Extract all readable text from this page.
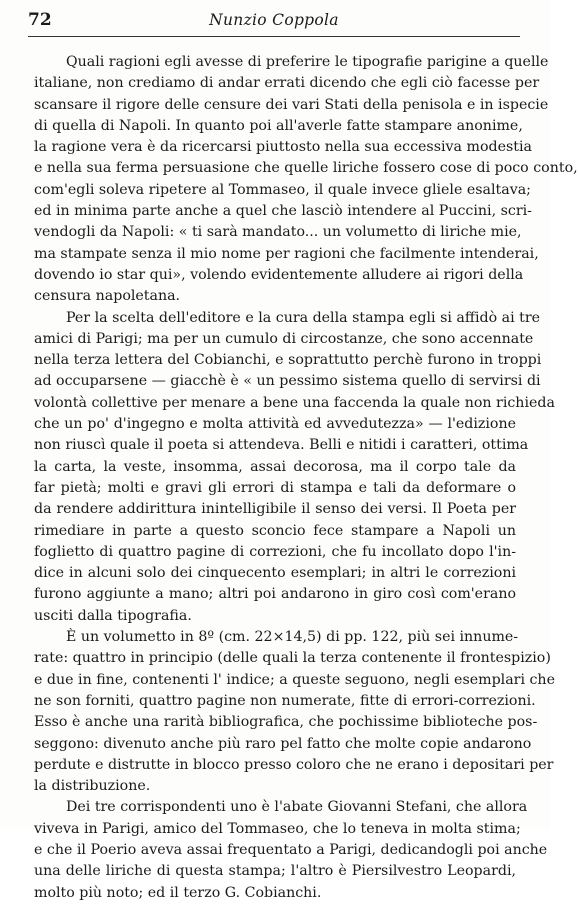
72	Nunzio Coppola
Quali ragioni egli avesse di preferire le tipografie parigine a quelle
italiane, non crediamo di andar errati dicendo che egli ciò facesse per
scansare il rigore delle censure dei vari Stati della penisola e in ispecie
di quella di Napoli. In quanto poi all'averle fatte stampare anonime,
la ragione vera è da ricercarsi piuttosto nella sua eccessiva modestia
e nella sua ferma persuasione che quelle liriche fossero cose di poco conto,
com'egli soleva ripetere al Tommaseo, il quale invece gliele esaltava;
ed in minima parte anche a quel che lasciò intendere al Puccini, scri-
vendogli da Napoli: « ti sarà mandato... un volumetto di liriche mie,
ma stampate senza il mio nome per ragioni che facilmente intenderai,
dovendo io star qui», volendo evidentemente alludere ai rigori della
censura napoletana.
Per la scelta dell'editore e la cura della stampa egli si affidò ai tre
amici di Parigi; ma per un cumulo di circostanze, che sono accennate
nella terza lettera del Cobianchi, e soprattutto perchè furono in troppi
ad occuparsene — giacchè è « un pessimo sistema quello di servirsi di
volontà collettive per menare a bene una faccenda la quale non richieda
che un po' d'ingegno e molta attività ed avvedutezza» — l'edizione
non riuscì quale il poeta si attendeva. Belli e nitidi i caratteri, ottima
la carta, la veste, insomma, assai decorosa, ma il corpo tale da
far pietà; molti e gravi gli errori di stampa e tali da deformare o
da rendere addirittura inintelligibile il senso dei versi. Il Poeta per
rimediare in parte a questo sconcio fece stampare a Napoli un
foglietto di quattro pagine di correzioni, che fu incollato dopo l'in-
dice in alcuni solo dei cinquecento esemplari; in altri le correzioni
furono aggiunte a mano; altri poi andarono in giro così com'erano
usciti dalla tipografia.
È un volumetto in 8º (cm. 22×14,5) di pp. 122, più sei innume-
rate: quattro in principio (delle quali la terza contenente il frontespizio)
e due in fine, contenenti l' indice; a queste seguono, negli esemplari che
ne son forniti, quattro pagine non numerate, fitte di errori-correzioni.
Esso è anche una rarità bibliografica, che pochissime biblioteche pos-
seggono: divenuto anche più raro pel fatto che molte copie andarono
perdute e distrutte in blocco presso coloro che ne erano i depositari per
la distribuzione.
Dei tre corrispondenti uno è l'abate Giovanni Stefani, che allora
viveva in Parigi, amico del Tommaseo, che lo teneva in molta stima;
e che il Poerio aveva assai frequentato a Parigi, dedicandogli poi anche
una delle liriche di questa stampa; l'altro è Piersilvestro Leopardi,
molto più noto; ed il terzo G. Cobianchi.
